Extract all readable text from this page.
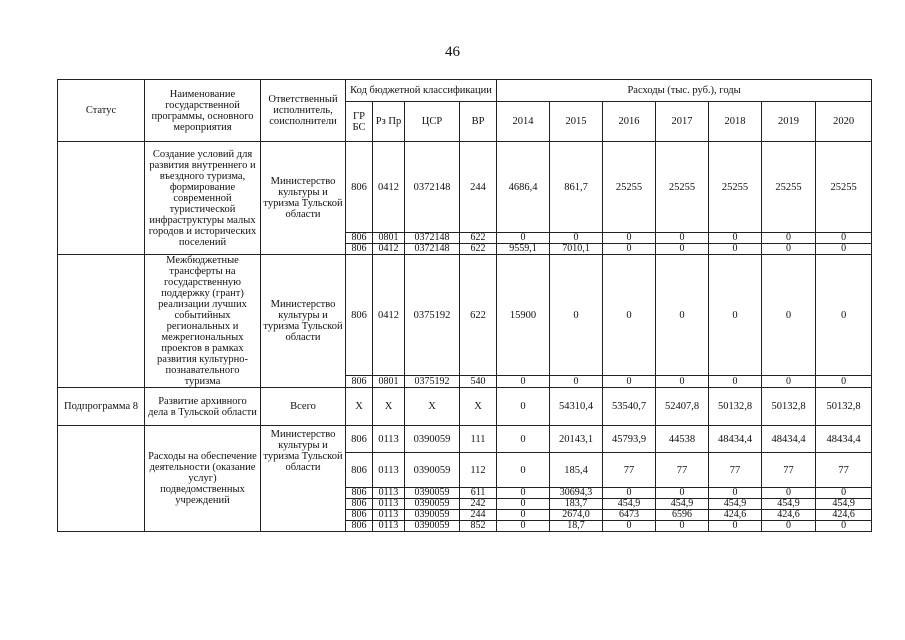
46
Статус	Наименование государственной программы, основного мероприятия	Ответственный исполнитель, соисполнители	Код бюджетной классификации				Расходы (тыс. руб.), годы						
			ГР БС	Рз Пр	ЦСР	ВР	2014	2015	2016	2017	2018	2019	2020
	Создание условий для развития внутреннего и въездного туризма, формирование современной туристической инфраструктуры малых городов и исторических поселений	Министерство культуры и туризма Тульской области	806	0412	0372148	244	4686,4	861,7	25255	25255	25255	25255	25255
			806	0801	0372148	622	0	0	0	0	0	0	0
			806	0412	0372148	622	9559,1	7010,1	0	0	0	0	0
	Межбюджетные трансферты на государственную поддержку (грант) реализации лучших событийных региональных и межрегиональных проектов в рамках развития культурно-познавательного туризма	Министерство культуры и туризма Тульской области	806	0412	0375192	622	15900	0	0	0	0	0	0
			806	0801	0375192	540	0	0	0	0	0	0	0
Подпрограмма 8	Развитие архивного дела в Тульской области	Всего	Х	Х	Х	Х	0	54310,4	53540,7	52407,8	50132,8	50132,8	50132,8
	Расходы на обеспечение деятельности (оказание услуг) подведомственных учреждений	Министерство культуры и туризма Тульской области	806	0113	0390059	111	0	20143,1	45793,9	44538	48434,4	48434,4	48434,4
			806	0113	0390059	112	0	185,4	77	77	77	77	77
			806	0113	0390059	611	0	30694,3	0	0	0	0	0
			806	0113	0390059	242	0	183,7	454,9	454,9	454,9	454,9	454,9
			806	0113	0390059	244	0	2674,0	6473	6596	424,6	424,6	424,6
			806	0113	0390059	852	0	18,7	0	0	0	0	0
